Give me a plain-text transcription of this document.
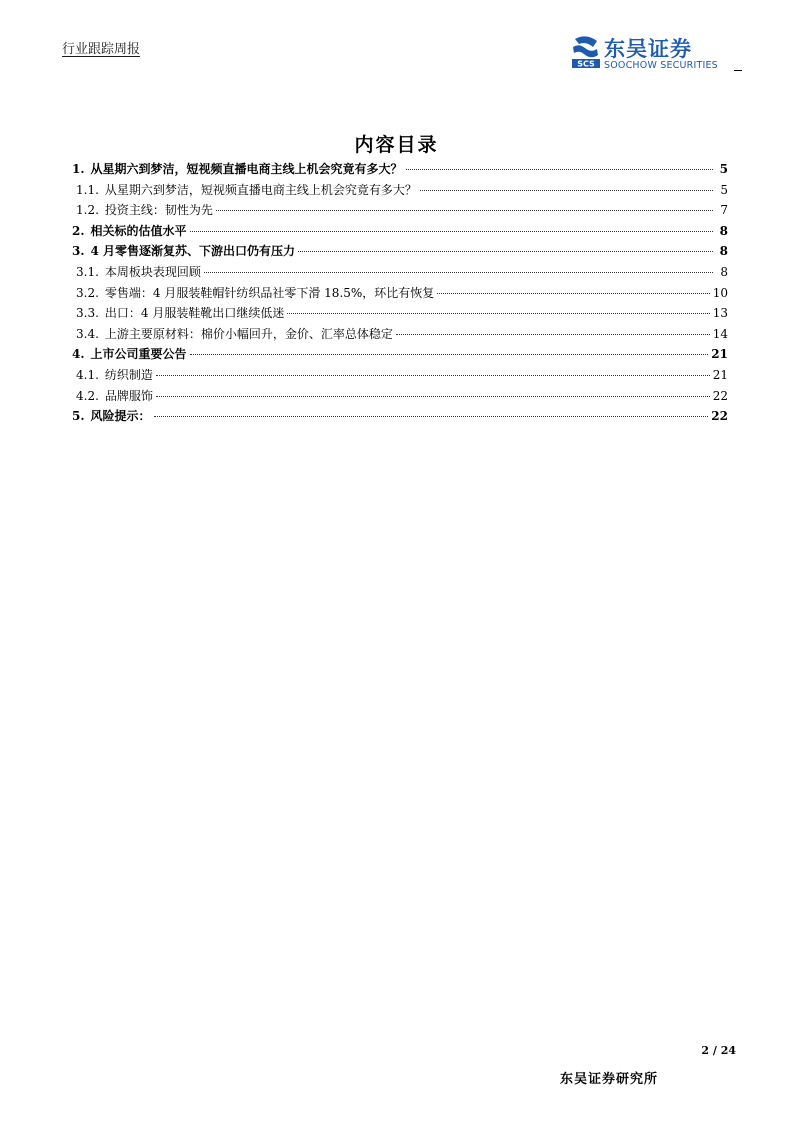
行业跟踪周报
SCS
东吴证券
SOOCHOW SECURITIES
内容目录
1. 从星期六到梦洁，短视频直播电商主线上机会究竟有多大？	5
1.1. 从星期六到梦洁，短视频直播电商主线上机会究竟有多大？	5
1.2. 投资主线：韧性为先	7
2. 相关标的估值水平	8
3. 4 月零售逐渐复苏、下游出口仍有压力	8
3.1. 本周板块表现回顾	8
3.2. 零售端：4 月服装鞋帽针纺织品社零下滑 18.5%，环比有恢复	10
3.3. 出口：4 月服装鞋靴出口继续低迷	13
3.4. 上游主要原材料：棉价小幅回升，金价、汇率总体稳定	14
4. 上市公司重要公告	21
4.1. 纺织制造	21
4.2. 品牌服饰	22
5. 风险提示：	22
2 / 24
东吴证券研究所
